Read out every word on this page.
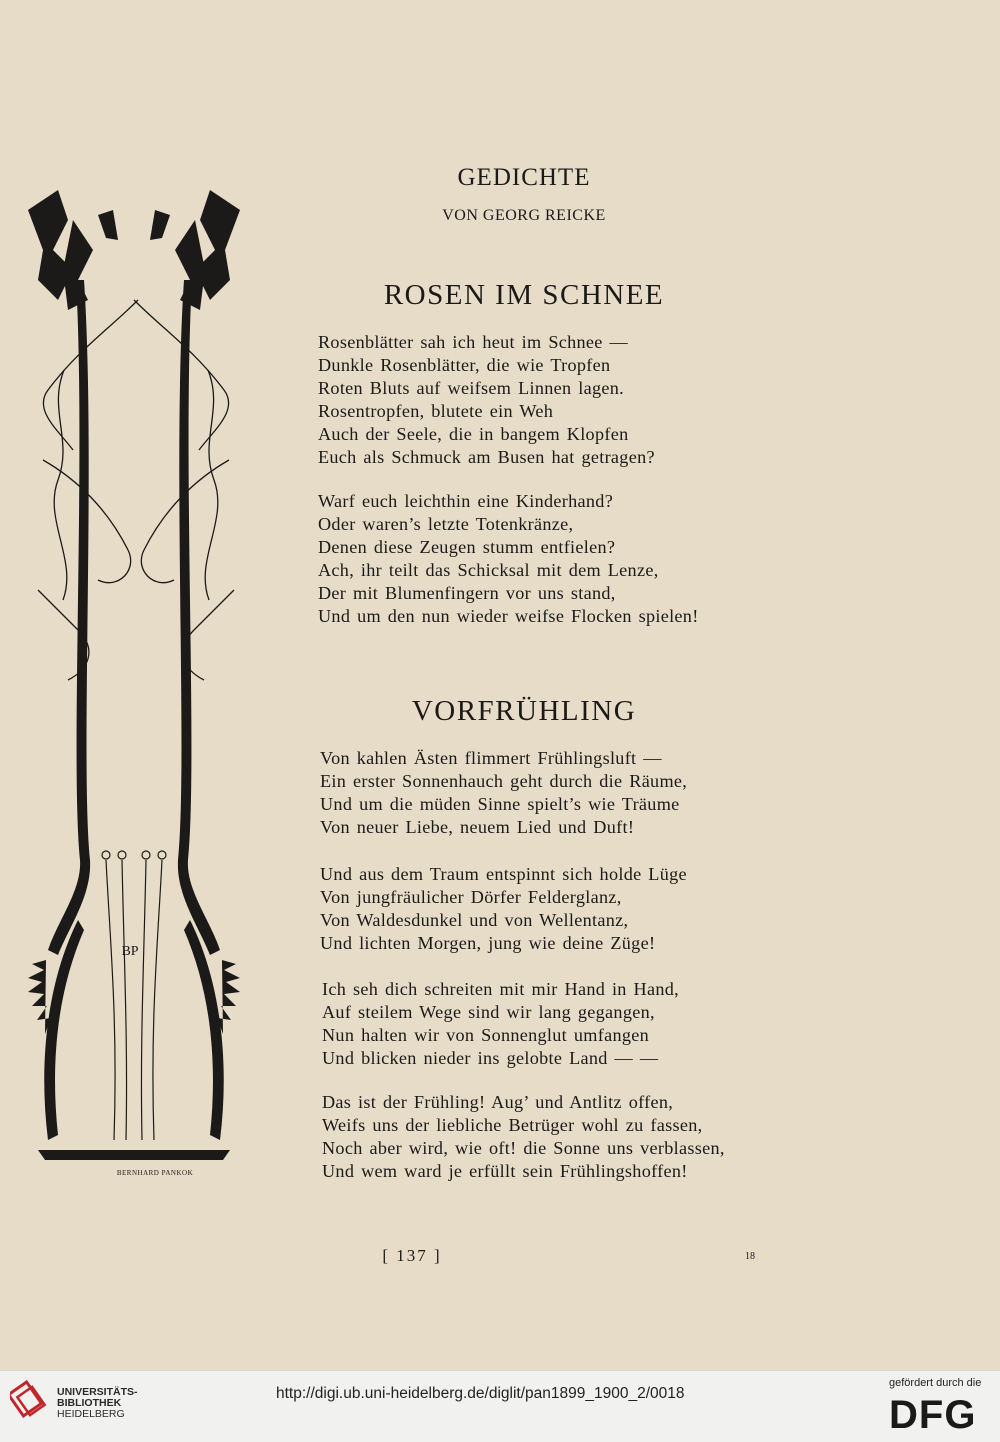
BP
BERNHARD PANKOK
GEDICHTE
VON GEORG REICKE
ROSEN IM SCHNEE
Rosenblätter sah ich heut im Schnee —
Dunkle Rosenblätter, die wie Tropfen
Roten Bluts auf weifsem Linnen lagen.
Rosentropfen, blutete ein Weh
Auch der Seele, die in bangem Klopfen
Euch als Schmuck am Busen hat getragen?
Warf euch leichthin eine Kinderhand?
Oder waren’s letzte Totenkränze,
Denen diese Zeugen stumm entfielen?
Ach, ihr teilt das Schicksal mit dem Lenze,
Der mit Blumenfingern vor uns stand,
Und um den nun wieder weifse Flocken spielen!
VORFRÜHLING
Von kahlen Ästen flimmert Frühlingsluft —
Ein erster Sonnenhauch geht durch die Räume,
Und um die müden Sinne spielt’s wie Träume
Von neuer Liebe, neuem Lied und Duft!
Und aus dem Traum entspinnt sich holde Lüge
Von jungfräulicher Dörfer Felderglanz,
Von Waldesdunkel und von Wellentanz,
Und lichten Morgen, jung wie deine Züge!
Ich seh dich schreiten mit mir Hand in Hand,
Auf steilem Wege sind wir lang gegangen,
Nun halten wir von Sonnenglut umfangen
Und blicken nieder ins gelobte Land — —
Das ist der Frühling! Aug’ und Antlitz offen,
Weifs uns der liebliche Betrüger wohl zu fassen,
Noch aber wird, wie oft! die Sonne uns verblassen,
Und wem ward je erfüllt sein Frühlingshoffen!
[ 137 ]	18
UNIVERSITÄTS-
BIBLIOTHEK
HEIDELBERG
http://digi.ub.uni-heidelberg.de/diglit/pan1899_1900_2/0018
gefördert durch die
DFG
